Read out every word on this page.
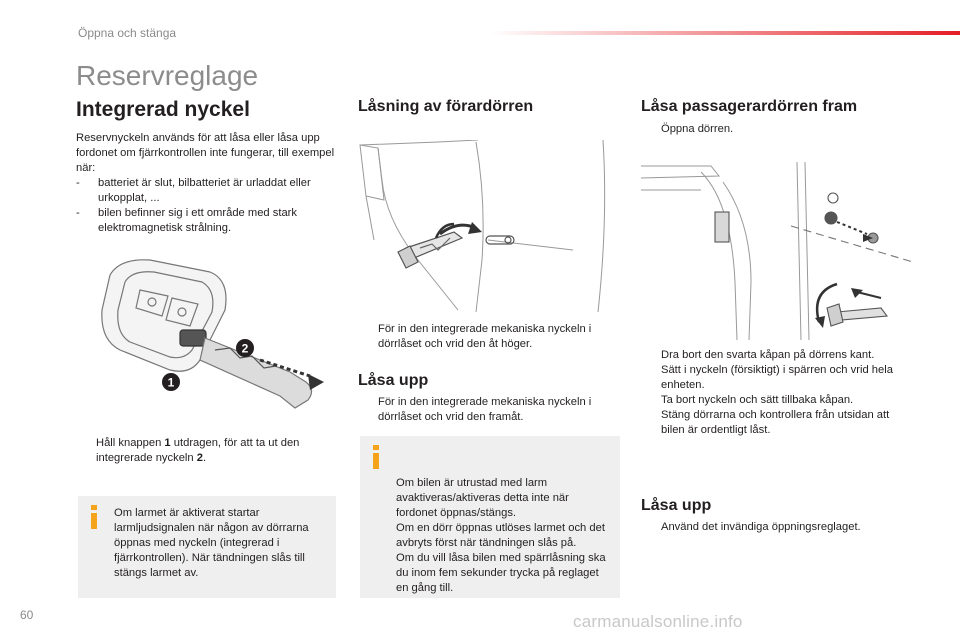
Öppna och stänga
Reservreglage
Integrerad nyckel
Reservnyckeln används för att låsa eller låsa upp fordonet om fjärrkontrollen inte fungerar, till exempel när:
-	batteriet är slut, bilbatteriet är urladdat eller urkopplat, ...
-	bilen befinner sig i ett område med stark elektromagnetisk strålning.
1
2
Håll knappen 1 utdragen, för att ta ut den integrerade nyckeln 2.
Om larmet är aktiverat startar larmljudsignalen när någon av dörrarna öppnas med nyckeln (integrerad i fjärrkontrollen). När tändningen slås till stängs larmet av.
Låsning av förardörren
För in den integrerade mekaniska nyckeln i dörrlåset och vrid den åt höger.
Låsa upp
För in den integrerade mekaniska nyckeln i dörrlåset och vrid den framåt.

Om bilen är utrustad med larm avaktiveras/aktiveras detta inte när fordonet öppnas/stängs.
Om en dörr öppnas utlöses larmet och det avbryts först när tändningen slås på.
Om du vill låsa bilen med spärrlåsning ska du inom fem sekunder trycka på reglaget en gång till.

Låsa passagerardörren fram
Öppna dörren.
Dra bort den svarta kåpan på dörrens kant.
Sätt i nyckeln (försiktigt) i spärren och vrid hela enheten.
Ta bort nyckeln och sätt tillbaka kåpan.
Stäng dörrarna och kontrollera från utsidan att bilen är ordentligt låst.
Låsa upp
Använd det invändiga öppningsreglaget.
60	carmanualsonline.info
